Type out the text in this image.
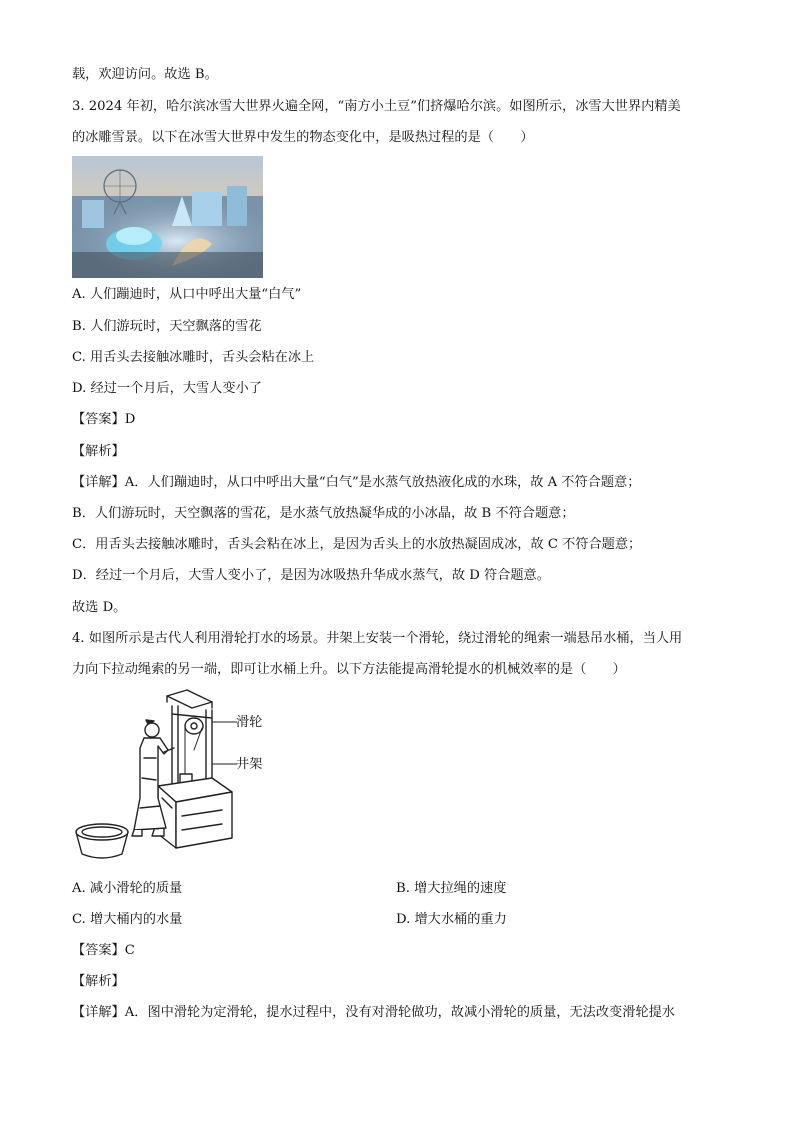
载，欢迎访问。故选 B。
3. 2024 年初，哈尔滨冰雪大世界火遍全网，“南方小土豆”们挤爆哈尔滨。如图所示，冰雪大世界内精美
的冰雕雪景。以下在冰雪大世界中发生的物态变化中，是吸热过程的是（　　）
A. 人们蹦迪时，从口中呼出大量“白气”
B. 人们游玩时，天空飘落的雪花
C. 用舌头去接触冰雕时，舌头会粘在冰上
D. 经过一个月后，大雪人变小了
【答案】D
【解析】
【详解】A．人们蹦迪时，从口中呼出大量“白气”是水蒸气放热液化成的水珠，故 A 不符合题意；
B．人们游玩时，天空飘落的雪花，是水蒸气放热凝华成的小冰晶，故 B 不符合题意；
C．用舌头去接触冰雕时，舌头会粘在冰上，是因为舌头上的水放热凝固成冰，故 C 不符合题意；
D．经过一个月后，大雪人变小了，是因为冰吸热升华成水蒸气，故 D 符合题意。
故选 D。
4. 如图所示是古代人利用滑轮打水的场景。井架上安装一个滑轮，绕过滑轮的绳索一端悬吊水桶，当人用
力向下拉动绳索的另一端，即可让水桶上升。以下方法能提高滑轮提水的机械效率的是（　　）
滑轮
井架
A. 减小滑轮的质量	B. 增大拉绳的速度
C. 增大桶内的水量	D. 增大水桶的重力
【答案】C
【解析】
【详解】A．图中滑轮为定滑轮，提水过程中，没有对滑轮做功，故减小滑轮的质量，无法改变滑轮提水
